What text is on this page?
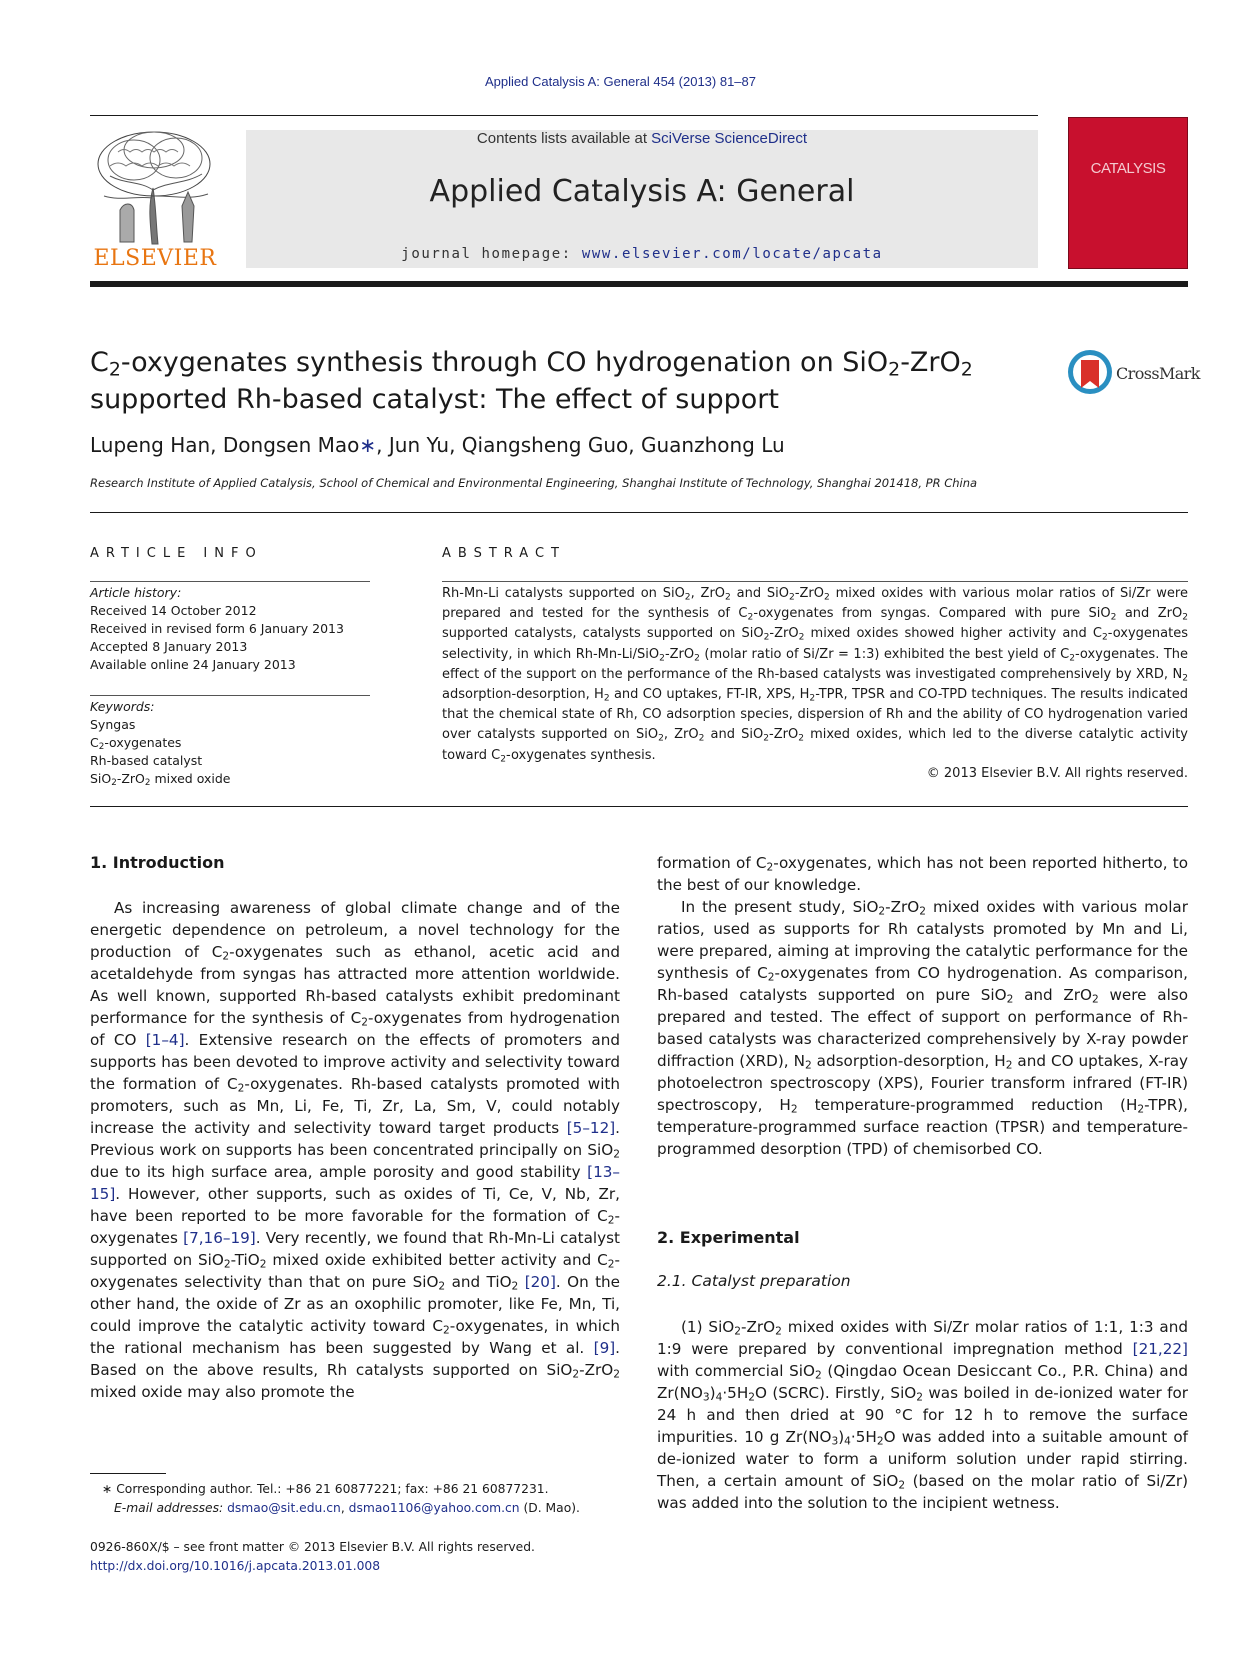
Applied Catalysis A: General 454 (2013) 81–87
ELSEVIER
Contents lists available at SciVerse ScienceDirect
Applied Catalysis A: General
journal homepage: www.elsevier.com/locate/apcata
CATALYSIS
$C_2$-oxygenates synthesis through CO hydrogenation on SiO$_2$-ZrO$_2$
supported Rh-based catalyst: The effect of support
CrossMark
Lupeng Han, Dongsen Mao∗, Jun Yu, Qiangsheng Guo, Guanzhong Lu
Research Institute of Applied Catalysis, School of Chemical and Environmental Engineering, Shanghai Institute of Technology, Shanghai 201418, PR China
ARTICLE INFO	ABSTRACT
Article history:
Received 14 October 2012
Received in revised form 6 January 2013
Accepted 8 January 2013
Available online 24 January 2013
Keywords:
Syngas
$C_2$-oxygenates
Rh-based catalyst
SiO$_2$-ZrO$_2$ mixed oxide
Rh-Mn-Li catalysts supported on SiO$_2$, ZrO$_2$ and SiO$_2$-ZrO$_2$ mixed oxides with various molar ratios of Si/Zr were prepared and tested for the synthesis of $C_2$-oxygenates from syngas. Compared with pure SiO$_2$ and ZrO$_2$ supported catalysts, catalysts supported on SiO$_2$-ZrO$_2$ mixed oxides showed higher activity and $C_2$-oxygenates selectivity, in which Rh-Mn-Li/SiO$_2$-ZrO$_2$ (molar ratio of Si/Zr = 1:3) exhibited the best yield of $C_2$-oxygenates. The effect of the support on the performance of the Rh-based catalysts was investigated comprehensively by XRD, $N_2$ adsorption-desorption, $H_2$ and CO uptakes, FT-IR, XPS, $H_2$-TPR, TPSR and CO-TPD techniques. The results indicated that the chemical state of Rh, CO adsorption species, dispersion of Rh and the ability of CO hydrogenation varied over catalysts supported on SiO$_2$, ZrO$_2$ and SiO$_2$-ZrO$_2$ mixed oxides, which led to the diverse catalytic activity toward $C_2$-oxygenates synthesis.
© 2013 Elsevier B.V. All rights reserved.
1. Introduction

As increasing awareness of global climate change and of the energetic dependence on petroleum, a novel technology for the production of $C_2$-oxygenates such as ethanol, acetic acid and acetaldehyde from syngas has attracted more attention worldwide. As well known, supported Rh-based catalysts exhibit predominant performance for the synthesis of $C_2$-oxygenates from hydrogenation of CO [1–4]. Extensive research on the effects of promoters and supports has been devoted to improve activity and selectivity toward the formation of $C_2$-oxygenates. Rh-based catalysts promoted with promoters, such as Mn, Li, Fe, Ti, Zr, La, Sm, V, could notably increase the activity and selectivity toward target products [5–12]. Previous work on supports has been concentrated principally on SiO$_2$ due to its high surface area, ample porosity and good stability [13–15]. However, other supports, such as oxides of Ti, Ce, V, Nb, Zr, have been reported to be more favorable for the formation of $C_2$-oxygenates [7,16–19]. Very recently, we found that Rh-Mn-Li catalyst supported on SiO$_2$-TiO$_2$ mixed oxide exhibited better activity and $C_2$-oxygenates selectivity than that on pure SiO$_2$ and TiO$_2$ [20]. On the other hand, the oxide of Zr as an oxophilic promoter, like Fe, Mn, Ti, could improve the catalytic activity toward $C_2$-oxygenates, in which the rational mechanism has been suggested by Wang et al. [9]. Based on the above results, Rh catalysts supported on SiO$_2$-ZrO$_2$ mixed oxide may also promote the

formation of $C_2$-oxygenates, which has not been reported hitherto, to the best of our knowledge.

In the present study, SiO$_2$-ZrO$_2$ mixed oxides with various molar ratios, used as supports for Rh catalysts promoted by Mn and Li, were prepared, aiming at improving the catalytic performance for the synthesis of $C_2$-oxygenates from CO hydrogenation. As comparison, Rh-based catalysts supported on pure SiO$_2$ and ZrO$_2$ were also prepared and tested. The effect of support on performance of Rh-based catalysts was characterized comprehensively by X-ray powder diffraction (XRD), $N_2$ adsorption-desorption, $H_2$ and CO uptakes, X-ray photoelectron spectroscopy (XPS), Fourier transform infrared (FT-IR) spectroscopy, $H_2$ temperature-programmed reduction $(H_2-TPR)$, temperature-programmed surface reaction (TPSR) and temperature-programmed desorption (TPD) of chemisorbed CO.

2. Experimental
2.1. Catalyst preparation

(1) SiO$_2$-ZrO$_2$ mixed oxides with Si/Zr molar ratios of 1:1, 1:3 and 1:9 were prepared by conventional impregnation method [21,22] with commercial SiO$_2$ (Qingdao Ocean Desiccant Co., P.R. China) and $Zr(NO_3)_4\cdot 5H_2O$ (SCRC). Firstly, SiO$_2$ was boiled in de-ionized water for 24 h and then dried at 90 °C for 12 h to remove the surface impurities. 10 g $Zr(NO_3)_4\cdot 5H_2O$ was added into a suitable amount of de-ionized water to form a uniform solution under rapid stirring. Then, a certain amount of SiO$_2$ (based on the molar ratio of Si/Zr) was added into the solution to the incipient wetness.

∗ Corresponding author. Tel.: +86 21 60877221; fax: +86 21 60877231.
E-mail addresses: dsmao@sit.edu.cn, dsmao1106@yahoo.com.cn (D. Mao).
0926-860X/$ – see front matter © 2013 Elsevier B.V. All rights reserved.
http://dx.doi.org/10.1016/j.apcata.2013.01.008
